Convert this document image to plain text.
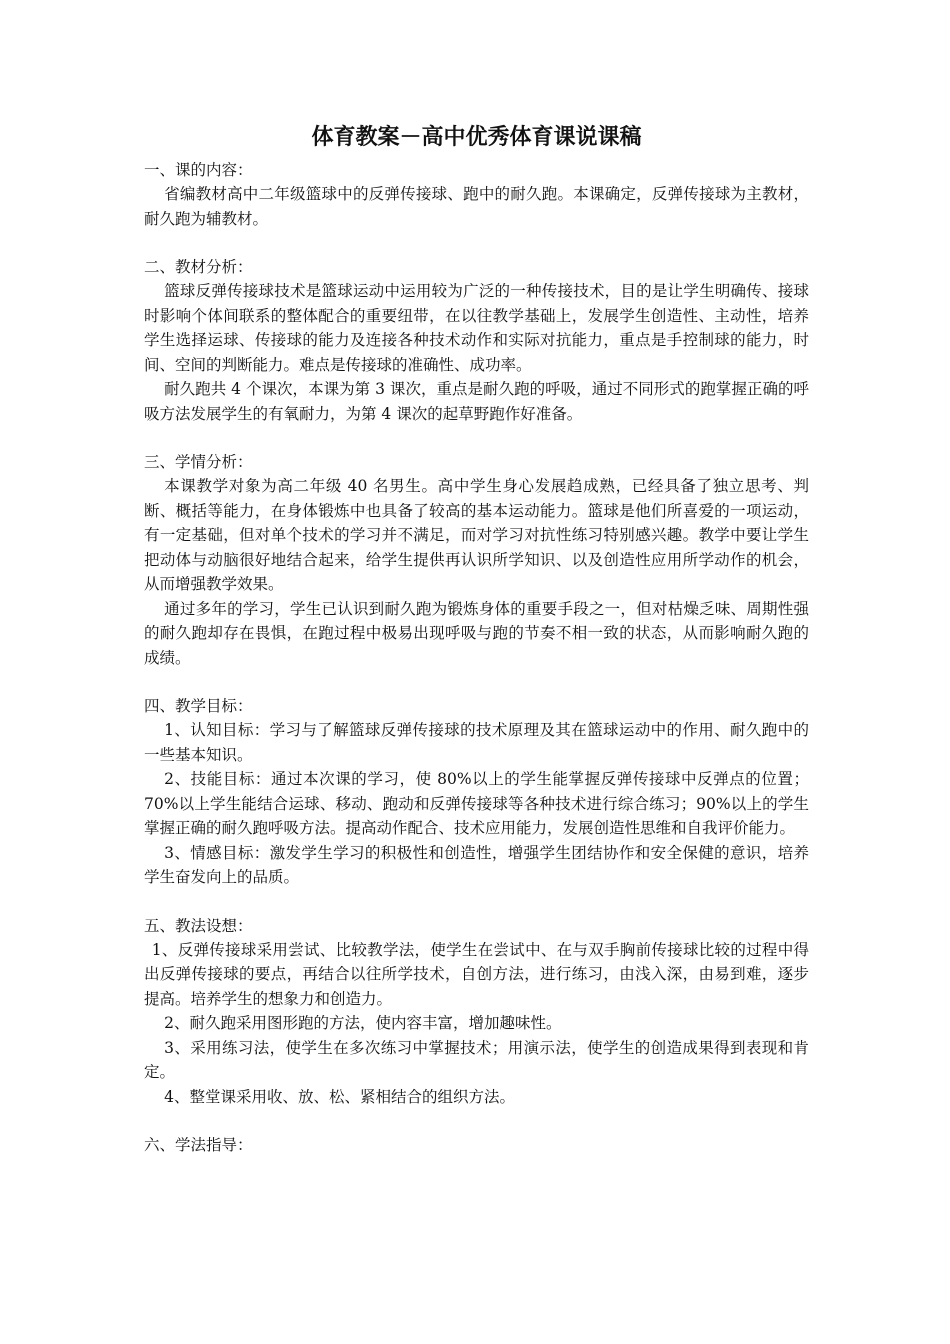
体育教案－高中优秀体育课说课稿

一、课的内容：

省编教材高中二年级篮球中的反弹传接球、跑中的耐久跑。本课确定，反弹传接球为主教材，耐久跑为辅教材。

二、教材分析：

篮球反弹传接球技术是篮球运动中运用较为广泛的一种传接技术，目的是让学生明确传、接球时影响个体间联系的整体配合的重要纽带，在以往教学基础上，发展学生创造性、主动性，培养学生选择运球、传接球的能力及连接各种技术动作和实际对抗能力，重点是手控制球的能力，时间、空间的判断能力。难点是传接球的准确性、成功率。

耐久跑共 4 个课次，本课为第 3 课次，重点是耐久跑的呼吸，通过不同形式的跑掌握正确的呼吸方法发展学生的有氧耐力，为第 4 课次的起草野跑作好准备。

三、学情分析：

本课教学对象为高二年级 40 名男生。高中学生身心发展趋成熟，已经具备了独立思考、判断、概括等能力，在身体锻炼中也具备了较高的基本运动能力。篮球是他们所喜爱的一项运动，有一定基础，但对单个技术的学习并不满足，而对学习对抗性练习特别感兴趣。教学中要让学生把动体与动脑很好地结合起来，给学生提供再认识所学知识、以及创造性应用所学动作的机会，从而增强教学效果。

通过多年的学习，学生已认识到耐久跑为锻炼身体的重要手段之一，但对枯燥乏味、周期性强的耐久跑却存在畏惧，在跑过程中极易出现呼吸与跑的节奏不相一致的状态，从而影响耐久跑的成绩。

四、教学目标：

1、认知目标：学习与了解篮球反弹传接球的技术原理及其在篮球运动中的作用、耐久跑中的一些基本知识。

2、技能目标：通过本次课的学习，使 80%以上的学生能掌握反弹传接球中反弹点的位置；70%以上学生能结合运球、移动、跑动和反弹传接球等各种技术进行综合练习；90%以上的学生掌握正确的耐久跑呼吸方法。提高动作配合、技术应用能力，发展创造性思维和自我评价能力。

3、情感目标：激发学生学习的积极性和创造性，增强学生团结协作和安全保健的意识，培养学生奋发向上的品质。

五、教法设想：

1、反弹传接球采用尝试、比较教学法，使学生在尝试中、在与双手胸前传接球比较的过程中得出反弹传接球的要点，再结合以往所学技术，自创方法，进行练习，由浅入深，由易到难，逐步提高。培养学生的想象力和创造力。

2、耐久跑采用图形跑的方法，使内容丰富，增加趣味性。

3、采用练习法，使学生在多次练习中掌握技术；用演示法，使学生的创造成果得到表现和肯定。

4、整堂课采用收、放、松、紧相结合的组织方法。

六、学法指导：
